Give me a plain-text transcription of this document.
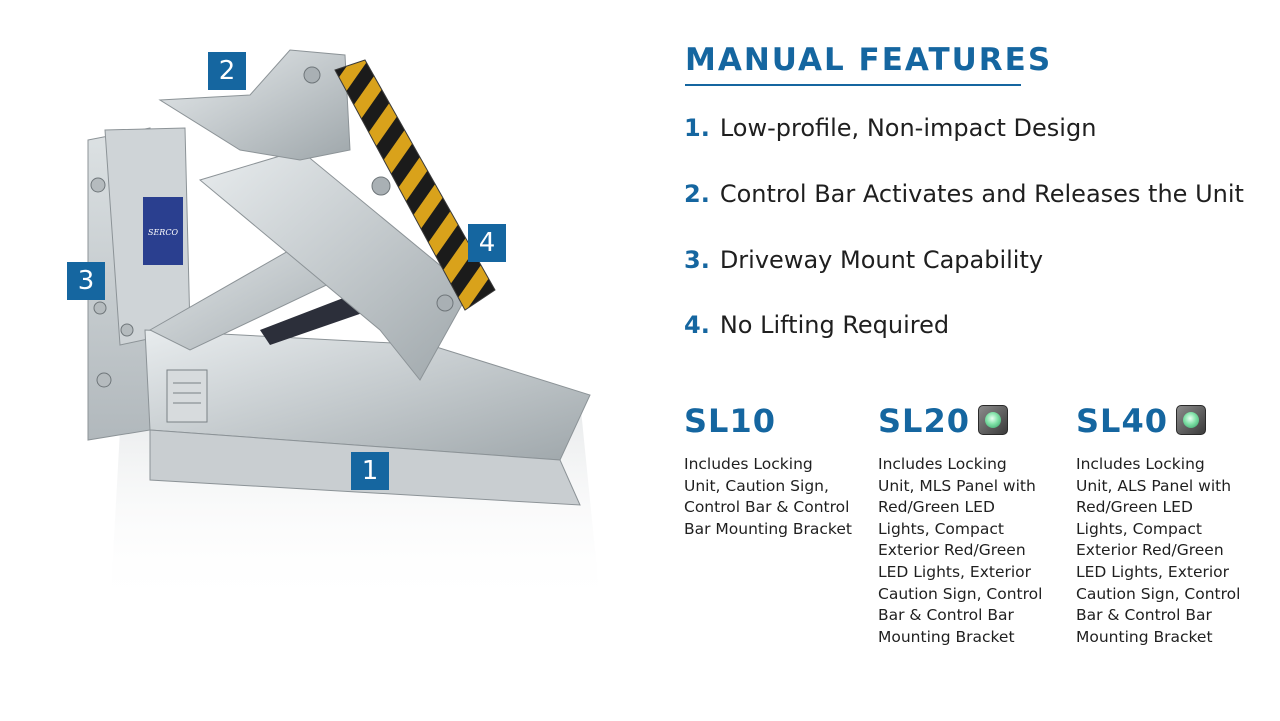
SERCO
1
2
3
4
MANUAL FEATURES
1. Low-profile, Non-impact Design
2. Control Bar Activates and Releases the Unit
3. Driveway Mount Capability
4. No Lifting Required
SL10
Includes Locking Unit, Caution Sign, Control Bar & Control Bar Mounting Bracket
SL20
Includes Locking Unit, MLS Panel with Red/Green LED Lights, Compact Exterior Red/Green LED Lights, Exterior Caution Sign, Control Bar & Control Bar Mounting Bracket
SL40
Includes Locking Unit, ALS Panel with Red/Green LED Lights, Compact Exterior Red/Green LED Lights, Exterior Caution Sign, Control Bar & Control Bar Mounting Bracket
